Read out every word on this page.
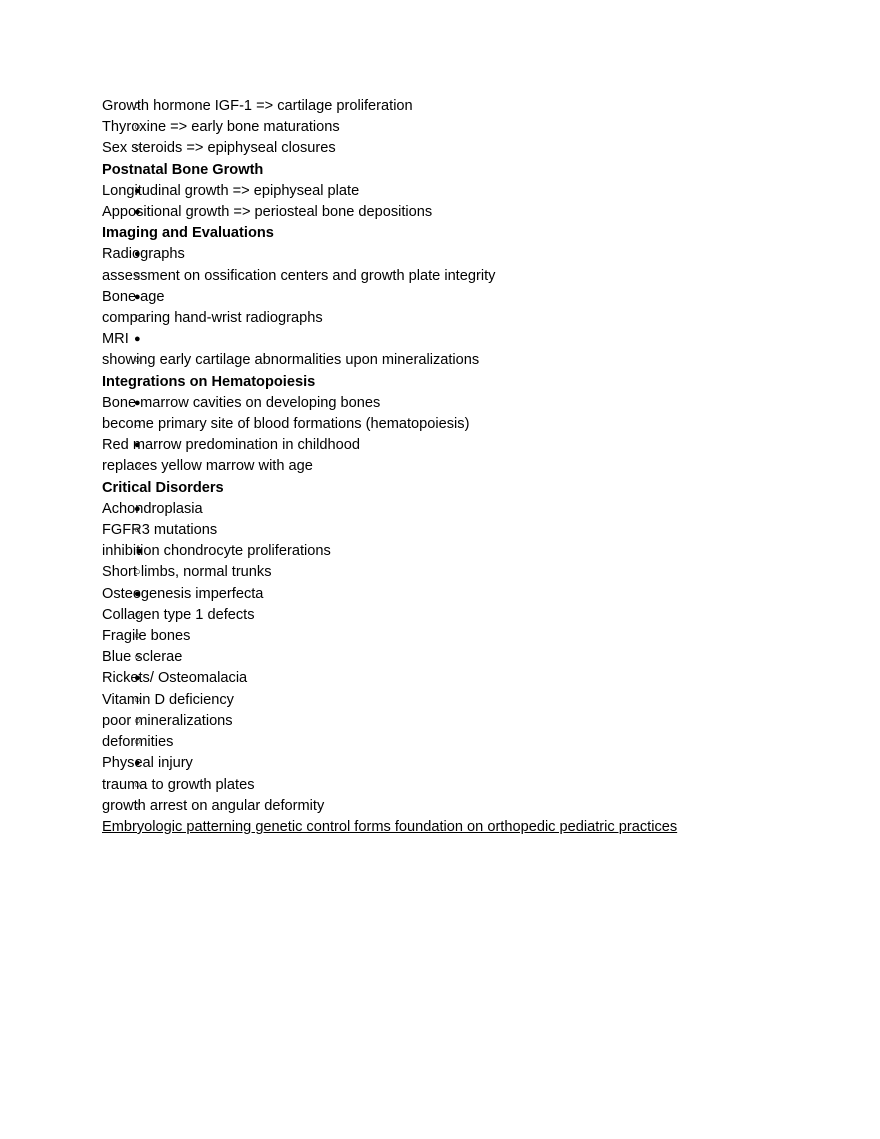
○ Growth hormone IGF-1 => cartilage proliferation
○ Thyroxine => early bone maturations
○ Sex steroids => epiphyseal closures
Postnatal Bone Growth
● Longitudinal growth => epiphyseal plate
● Appositional growth => periosteal bone depositions
Imaging and Evaluations
● Radiographs
○ assessment on ossification centers and growth plate integrity
● Bone age
○ comparing hand-wrist radiographs
● MRI
○ showing early cartilage abnormalities upon mineralizations
Integrations on Hematopoiesis
● Bone marrow cavities on developing bones
○ become primary site of blood formations (hematopoiesis)
● Red marrow predomination in childhood
○ replaces yellow marrow with age
Critical Disorders
● Achondroplasia
○ FGFR3 mutations
■ inhibition chondrocyte proliferations
○ Short limbs, normal trunks
● Osteogenesis imperfecta
○ Collagen type 1 defects
○ Fragile bones
○ Blue sclerae
● Rickets/ Osteomalacia
○ Vitamin D deficiency
○ poor mineralizations
○ deformities
● Physeal injury
○ trauma to growth plates
○ growth arrest on angular deformity
Embryologic patterning genetic control forms foundation on orthopedic pediatric practices
